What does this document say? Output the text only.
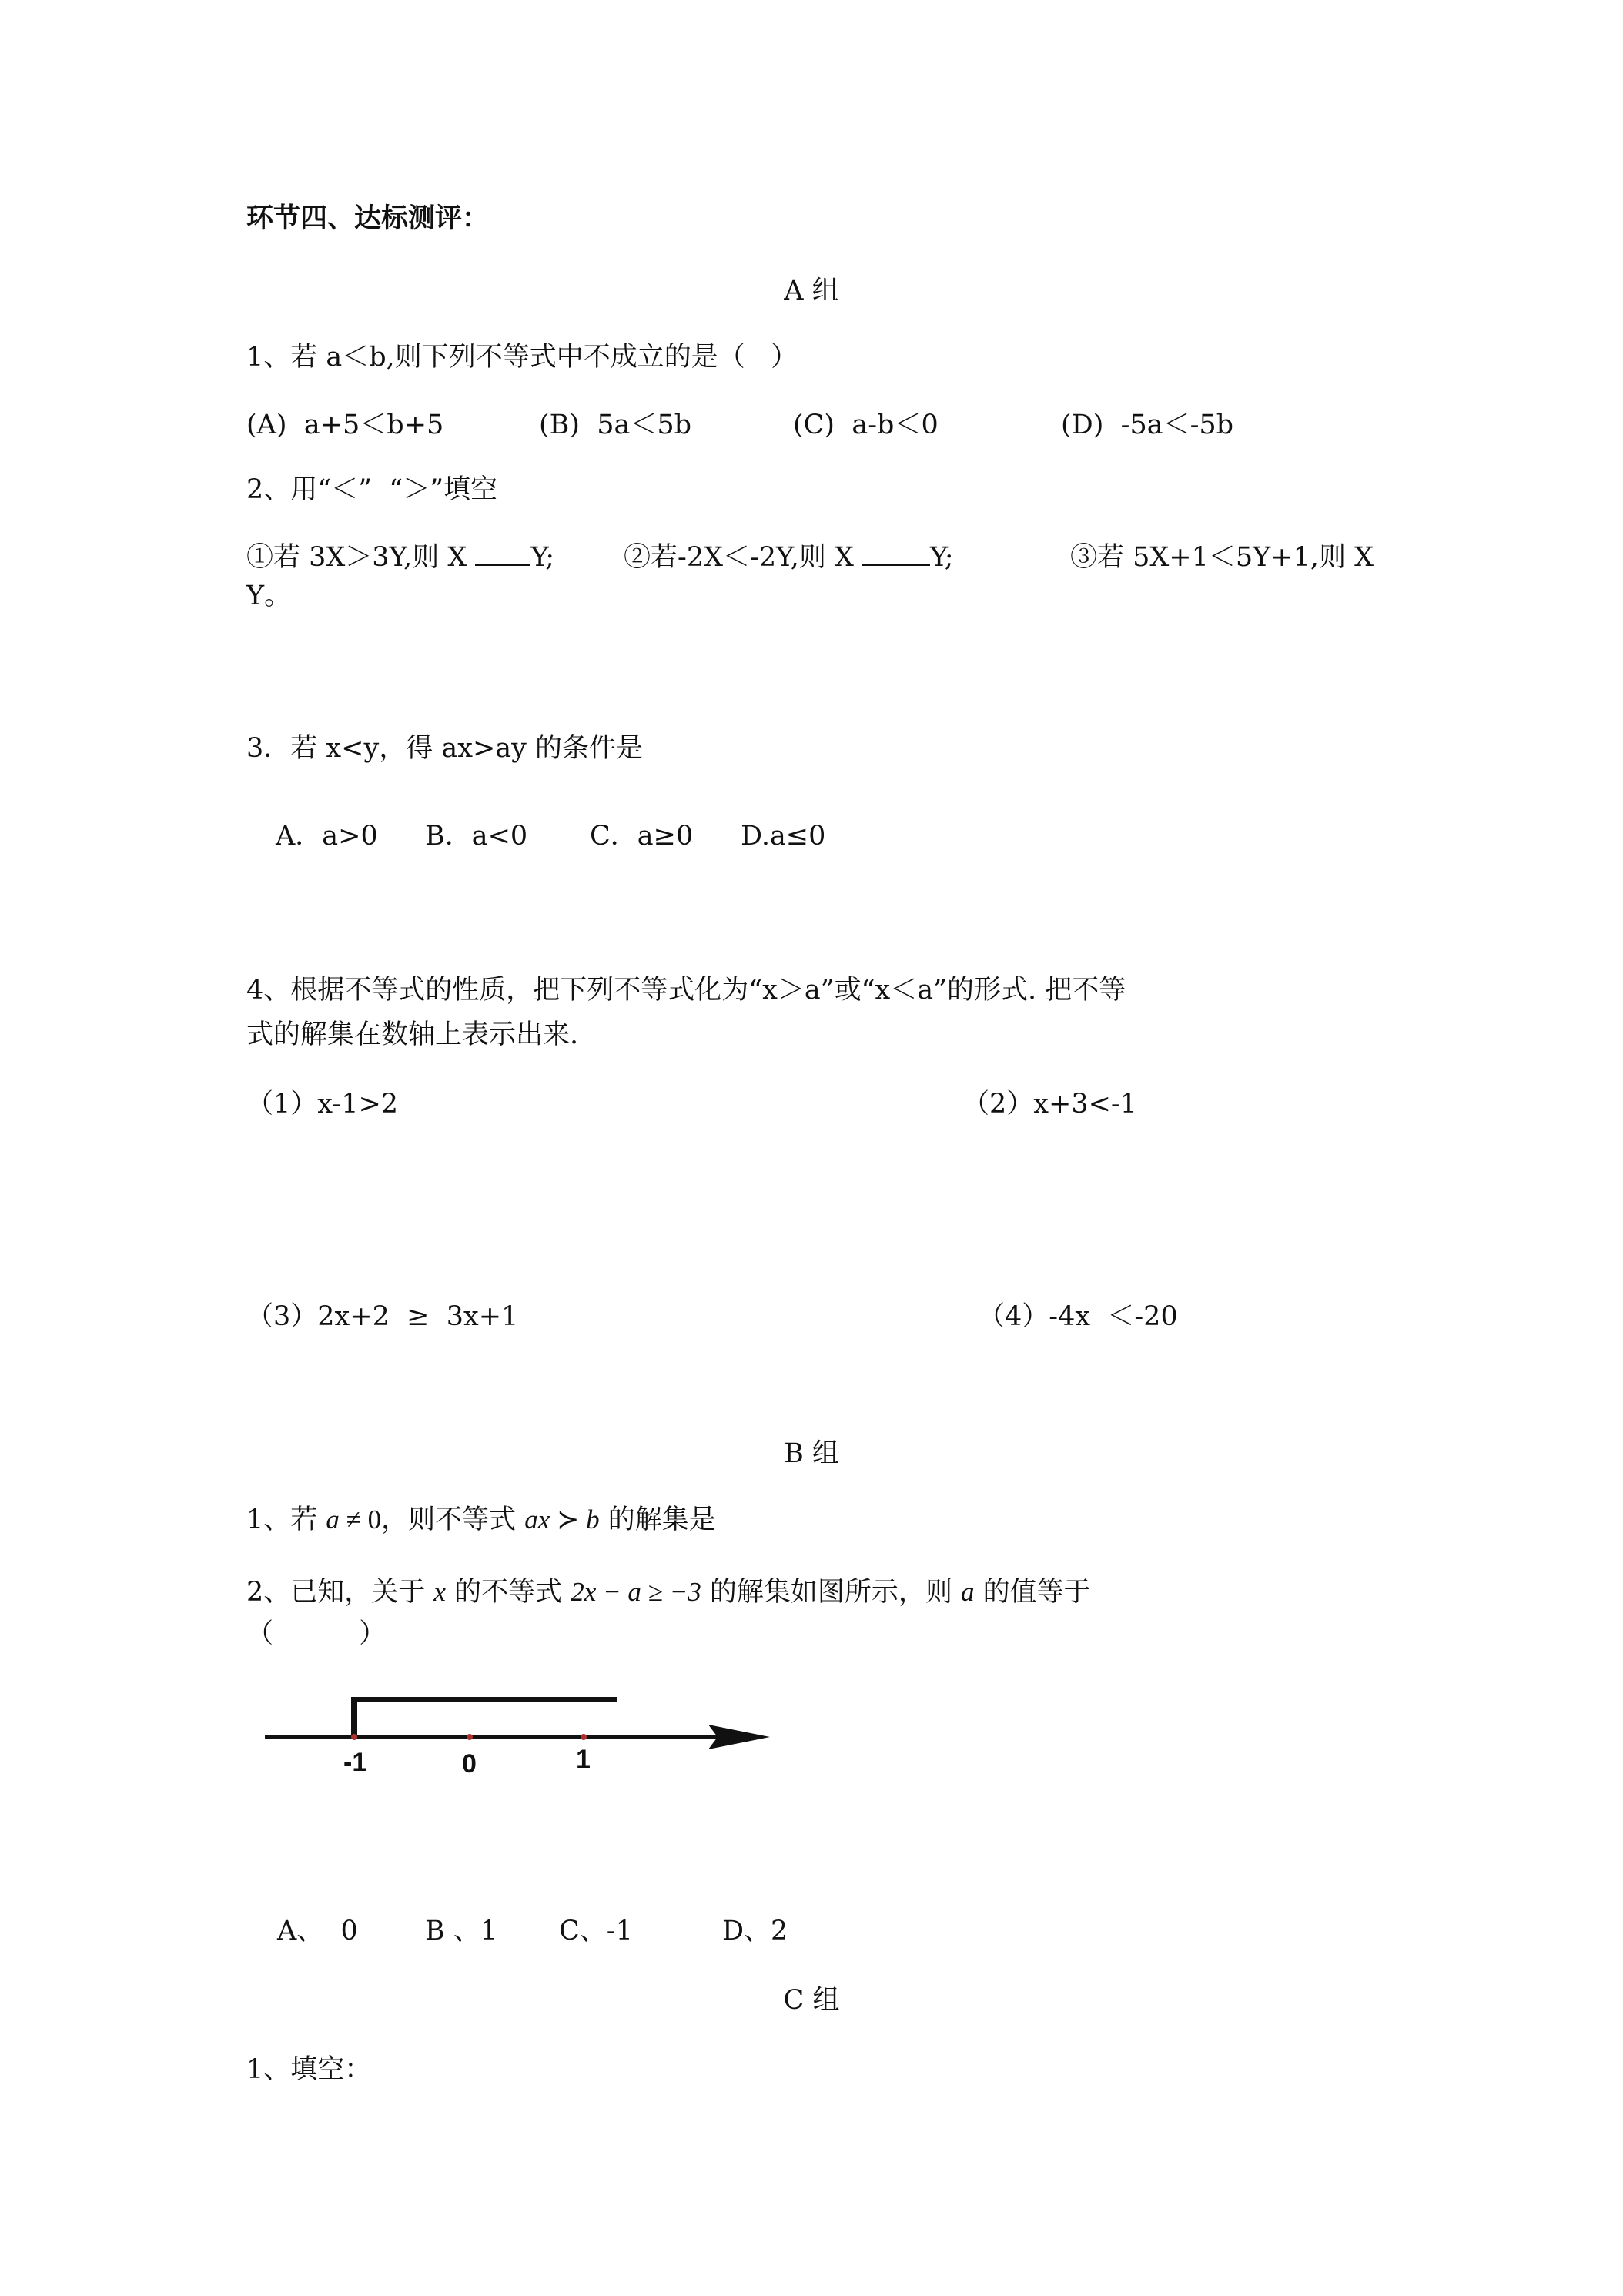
环节四、达标测评：
A 组
1、若 a＜b,则下列不等式中不成立的是（   ）
(A)  a+5＜b+5	(B)  5a＜5b	(C)  a-b＜0	(D)  -5a＜-5b
2、用“＜”  “＞”填空
①若 3X＞3Y,则 X Y;	②若-2X＜-2Y,则 X	Y;	③若 5X+1＜5Y+1,则 X
Y。
3．若 x<y，得 ax>ay 的条件是
A．a>0 B．a<0 C．a≥0 D.a≤0
4、根据不等式的性质，把下列不等式化为“x＞a”或“x＜a”的形式. 把不等
式的解集在数轴上表示出来.
（1）x-1>2	（2）x+3<-1
（3）2x+2  ≥  3x+1	（4）-4x  ＜-20
B 组
1、若 a ≠ 0，则不等式 ax ≻ b 的解集是
2、已知，关于 x 的不等式 2x − a ≥ −3 的解集如图所示，则 a 的值等于
（          ）
-1	0	1
A、  0 B 、1 C、-1	D、2
C 组
1、填空：
